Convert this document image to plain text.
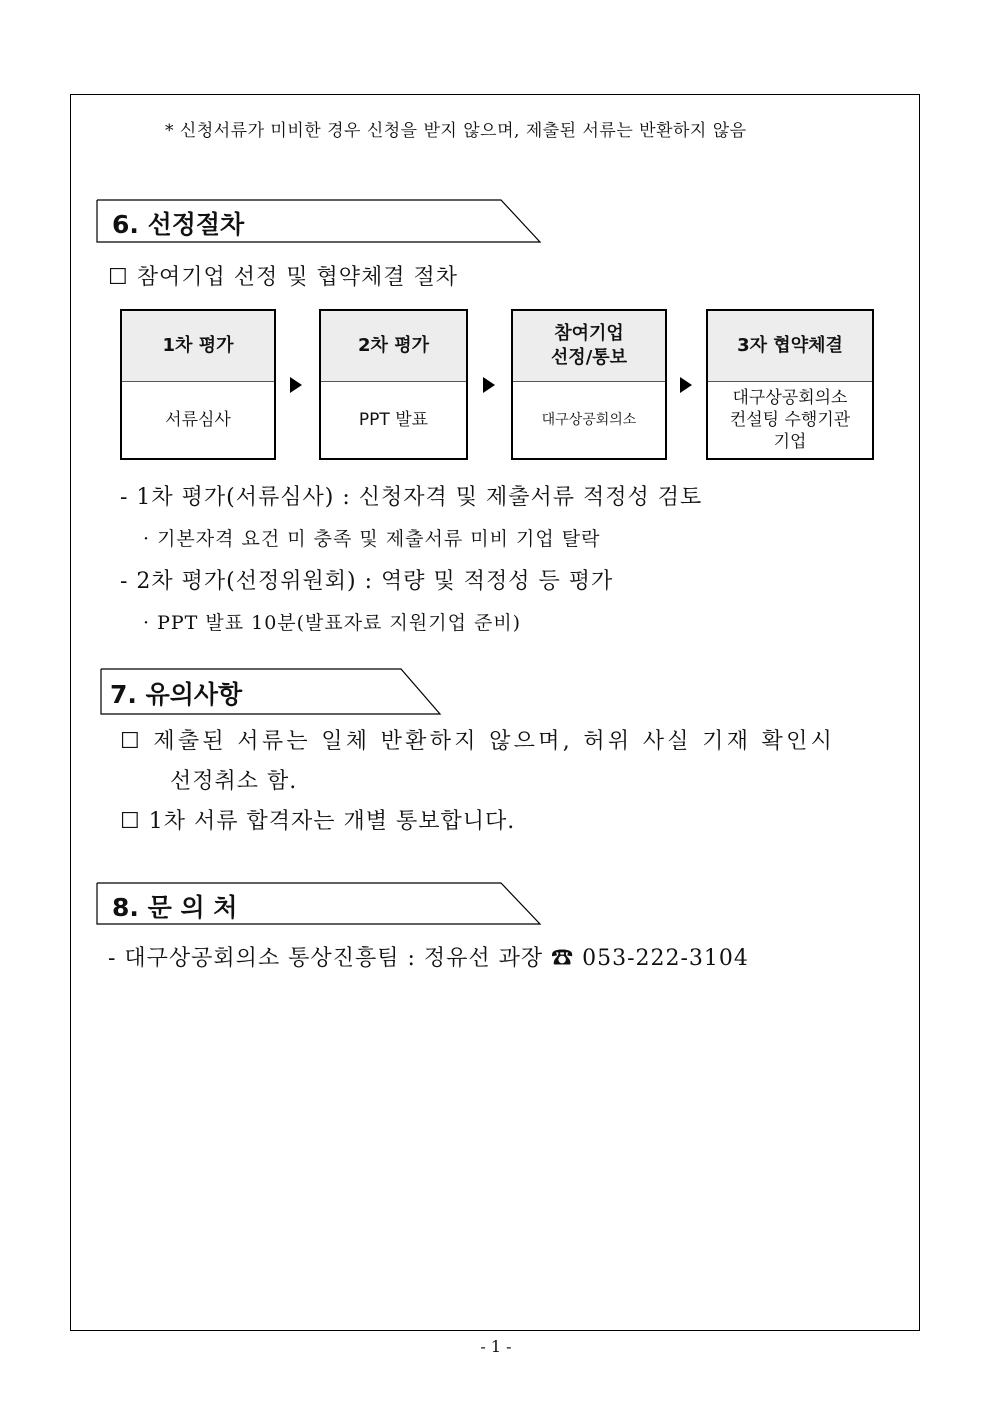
* 신청서류가 미비한 경우 신청을 받지 않으며, 제출된 서류는 반환하지 않음
6. 선정절차
☐ 참여기업 선정 및 협약체결 절차
1차 평가
서류심사
2차 평가
PPT 발표
참여기업
선정/통보
대구상공회의소
3자 협약체결
대구상공회의소
컨설팅 수행기관
기업
- 1차 평가(서류심사) : 신청자격 및 제출서류 적정성 검토
· 기본자격 요건 미 충족 및 제출서류 미비 기업 탈락
- 2차 평가(선정위원회) : 역량 및 적정성 등 평가
· PPT 발표 10분(발표자료 지원기업 준비)
7. 유의사항
☐ 제출된 서류는 일체 반환하지 않으며, 허위 사실 기재 확인시
선정취소 함.
☐ 1차 서류 합격자는 개별 통보합니다.
8. 문 의 처
- 대구상공회의소 통상진흥팀 : 정유선 과장 ☎ 053-222-3104
- 1 -
